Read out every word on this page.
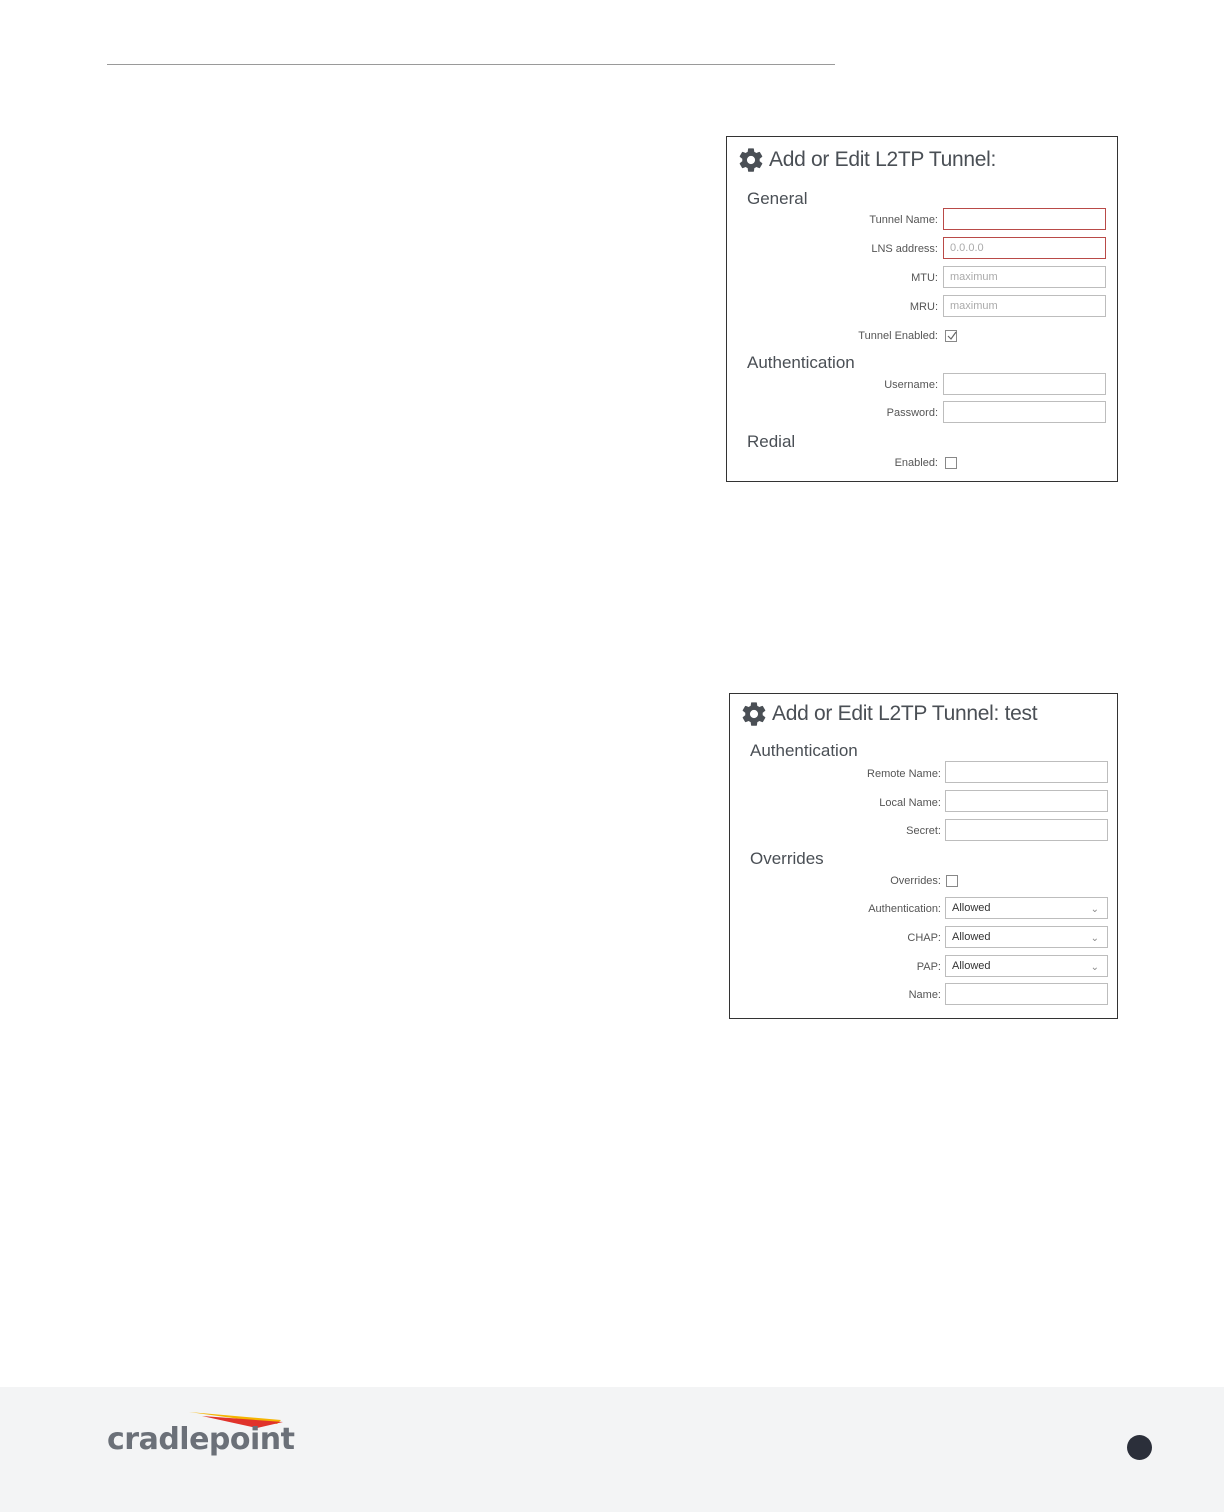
Add or Edit L2TP Tunnel:
General
Tunnel Name:
LNS address:	0.0.0.0
MTU:	maximum
MRU:	maximum
Tunnel Enabled:
Authentication
Username:
Password:
Redial
Enabled:
Add or Edit L2TP Tunnel: test
Authentication
Remote Name:
Local Name:
Secret:
Overrides
Overrides:
Authentication:	Allowed	⌄
CHAP:	Allowed	⌄
PAP:	Allowed	⌄
Name:
cradlepoint
